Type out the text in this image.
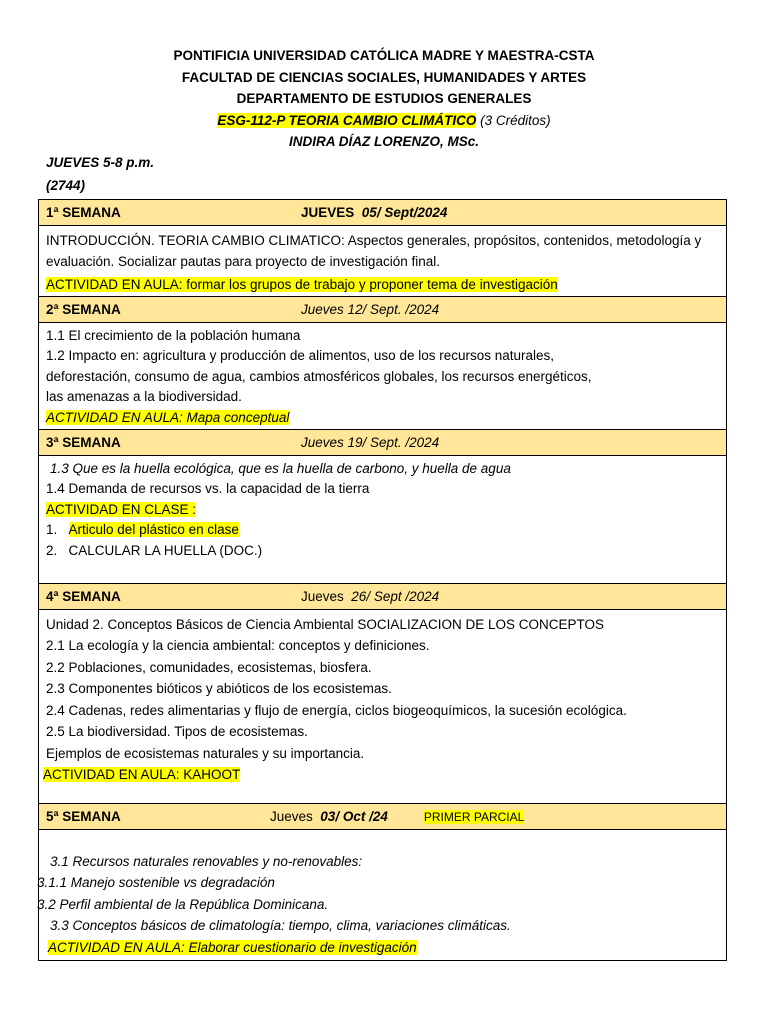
PONTIFICIA UNIVERSIDAD CATÓLICA MADRE Y MAESTRA-CSTA
FACULTAD DE CIENCIAS SOCIALES, HUMANIDADES Y ARTES
DEPARTAMENTO DE ESTUDIOS GENERALES
ESG-112-P TEORIA CAMBIO CLIMÁTICO (3 Créditos)
INDIRA DÍAZ LORENZO, MSc.
JUEVES 5-8 p.m.
(2744)
1ª SEMANA	JUEVES 05/ Sept/2024

INTRODUCCIÓN. TEORIA CAMBIO CLIMATICO: Aspectos generales, propósitos, contenidos, metodología y evaluación. Socializar pautas para proyecto de investigación final.
ACTIVIDAD EN AULA: formar los grupos de trabajo y proponer tema de investigación

2ª SEMANA	Jueves 12/ Sept. /2024

1.1 El crecimiento de la población humana
1.2 Impacto en: agricultura y producción de alimentos, uso de los recursos naturales,
deforestación, consumo de agua, cambios atmosféricos globales, los recursos energéticos,
las amenazas a la biodiversidad.
ACTIVIDAD EN AULA: Mapa conceptual

3ª SEMANA	Jueves 19/ Sept. /2024

1.3 Que es la huella ecológica, que es la huella de carbono, y huella de agua
1.4 Demanda de recursos vs. la capacidad de la tierra
ACTIVIDAD EN CLASE :
1. Articulo del plástico en clase
2. CALCULAR LA HUELLA (DOC.)

4ª SEMANA	Jueves 26/ Sept /2024

Unidad 2. Conceptos Básicos de Ciencia Ambiental SOCIALIZACION DE LOS CONCEPTOS
2.1 La ecología y la ciencia ambiental: conceptos y definiciones.
2.2 Poblaciones, comunidades, ecosistemas, biosfera.
2.3 Componentes bióticos y abióticos de los ecosistemas.
2.4 Cadenas, redes alimentarias y flujo de energía, ciclos biogeoquímicos, la sucesión ecológica.
2.5 La biodiversidad. Tipos de ecosistemas.
Ejemplos de ecosistemas naturales y su importancia.
ACTIVIDAD EN AULA: KAHOOT

5ª SEMANA	Jueves 03/ Oct /24	PRIMER PARCIAL

3.1 Recursos naturales renovables y no-renovables:
3.1.1 Manejo sostenible vs degradación
3.2 Perfil ambiental de la República Dominicana.
3.3 Conceptos básicos de climatología: tiempo, clima, variaciones climáticas.
ACTIVIDAD EN AULA: Elaborar cuestionario de investigación
